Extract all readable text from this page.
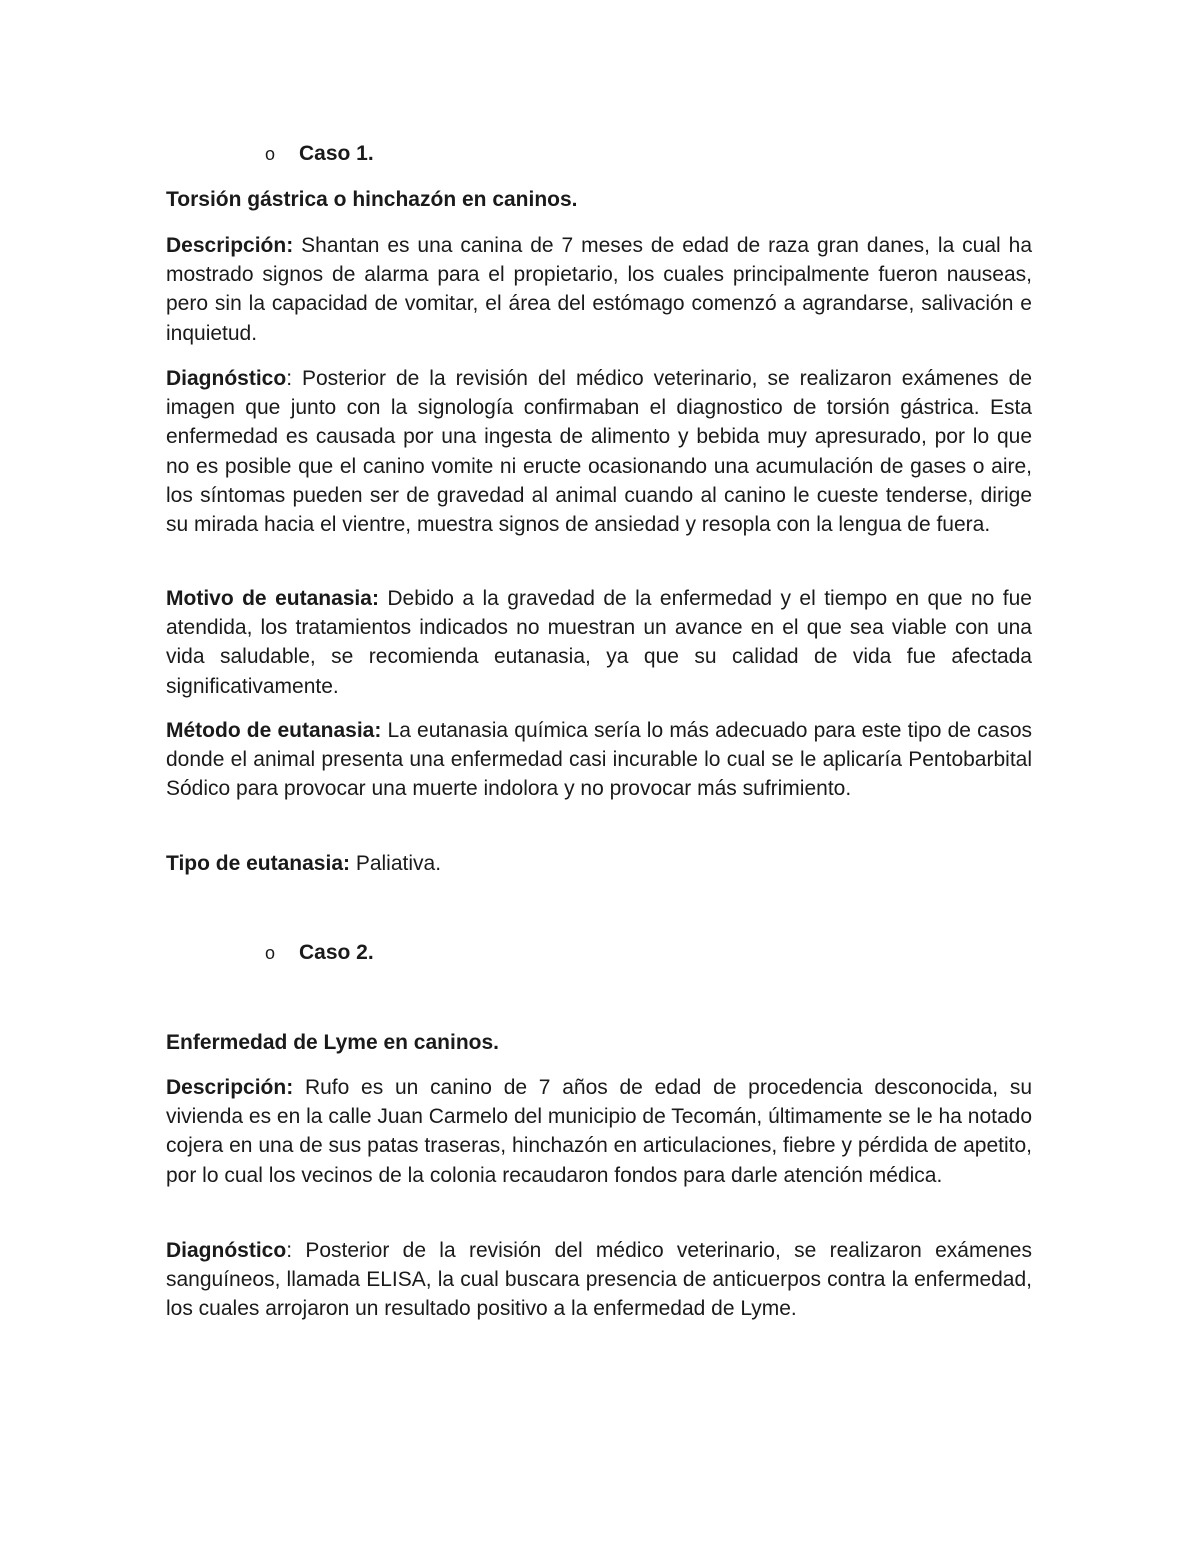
o Caso 1.
Torsión gástrica o hinchazón en caninos.
Descripción: Shantan es una canina de 7 meses de edad de raza gran danes, la cual ha mostrado signos de alarma para el propietario, los cuales principalmente fueron nauseas, pero sin la capacidad de vomitar, el área del estómago comenzó a agrandarse, salivación e inquietud.
Diagnóstico: Posterior de la revisión del médico veterinario, se realizaron exámenes de imagen que junto con la signología confirmaban el diagnostico de torsión gástrica. Esta enfermedad es causada por una ingesta de alimento y bebida muy apresurado, por lo que no es posible que el canino vomite ni eructe ocasionando una acumulación de gases o aire, los síntomas pueden ser de gravedad al animal cuando al canino le cueste tenderse, dirige su mirada hacia el vientre, muestra signos de ansiedad y resopla con la lengua de fuera.
Motivo de eutanasia: Debido a la gravedad de la enfermedad y el tiempo en que no fue atendida, los tratamientos indicados no muestran un avance en el que sea viable con una vida saludable, se recomienda eutanasia, ya que su calidad de vida fue afectada significativamente.
Método de eutanasia: La eutanasia química sería lo más adecuado para este tipo de casos donde el animal presenta una enfermedad casi incurable lo cual se le aplicaría Pentobarbital Sódico para provocar una muerte indolora y no provocar más sufrimiento.
Tipo de eutanasia: Paliativa.
o Caso 2.
Enfermedad de Lyme en caninos.
Descripción: Rufo es un canino de 7 años de edad de procedencia desconocida, su vivienda es en la calle Juan Carmelo del municipio de Tecomán, últimamente se le ha notado cojera en una de sus patas traseras, hinchazón en articulaciones, fiebre y pérdida de apetito, por lo cual los vecinos de la colonia recaudaron fondos para darle atención médica.
Diagnóstico: Posterior de la revisión del médico veterinario, se realizaron exámenes sanguíneos, llamada ELISA, la cual buscara presencia de anticuerpos contra la enfermedad, los cuales arrojaron un resultado positivo a la enfermedad de Lyme.
